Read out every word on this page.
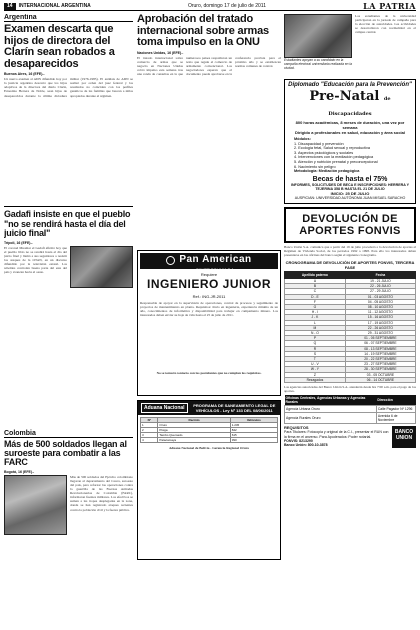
14	INTERNACIONAL ARGENTINA	Oruro, domingo 17 de julio de 2011	LA PATRIA
Argentina
Examen descarta que hijos de directora del Clarín sean robados a desaparecidos
Buenos Aires, 16 (EFE).-
Un nuevo examen al ADN difundido hoy por la justicia argentina descartó que los hijos adoptivos de la directora del diario Clarín, Ernestina Herrera de Noble, sean hijos de desaparecidos durante la última dictadura militar (1976-1983). El análisis de ADN se realizó por orden del juez federal y los resultados no coinciden con los perfiles genéticos de las familias que buscan a niños apropiados durante el régimen.
Gadafi insiste en que el pueblo "no se rendirá hasta el día del juicio final"
Trípoli, 16 (EFE).-
El coronel Muamar el Gadafi afirmó hoy que el pueblo libio no se rendirá hasta el día del juicio final y llamó a sus seguidores a resistir los ataques de la OTAN, en un discurso difundido por la televisión estatal. Los rebeldes controlan buena parte del este del país y avanzan hacia el oeste.
Colombia
Más de 500 soldados llegan al suroeste para combatir a las FARC
Bogotá, 16 (EFE).-
Más de 500 soldados del Ejército colombiano llegaron al departamento del Cauca, suroeste del país, para reforzar las operaciones contra la guerrilla de las Fuerzas Armadas Revolucionarias de Colombia (FARC), informaron fuentes militares. Los efectivos se suman a las tropas desplegadas en la zona, donde se han registrado ataques recientes contra la población civil y la fuerza pública.
Aprobación del tratado internacional sobre armas toma impulso en la ONU
Naciones Unidas, 16 (EFE).-
El tratado internacional sobre comercio de armas que se negocia en Naciones Unidas cobró impulso esta semana tras una ronda de consultas en la que numerosos países respaldaron un texto que regule el comercio de armamento convencional. Los negociadores esperan que el documento pueda aprobarse en la conferencia prevista para el próximo año y se establezcan normas comunes de control.
Pan American
SILVER BOLIVIA S.A.
Requiere
INGENIERO JUNIOR
Ref.: ING-JR-2011
Responsable de apoyar en la supervisión de operaciones, control de procesos y seguimiento de proyectos de mantenimiento en planta. Requisitos: título en ingeniería, experiencia mínima de un año, conocimientos de informática y disponibilidad para trabajar en campamento minero. Los interesados deben enviar su hoja de vida hasta el 25 de julio de 2011.
No se tomará contacto con los postulantes que no cumplan los requisitos.
Aduana Nacional	PROGRAMA DE SANEAMIENTO LEGAL DE VEHÍCULOS - Ley Nº 133 DEL 08/06/2011
Nº	Recinto	Vehículos
1	Oruro	1.245
2	Pisiga	842
3	Tambo Quemado	615
4	Patacamaya	390
Aduana Nacional de Bolivia - Gerencia Regional Oruro
Estudiantes apoyan a su candidato en la campaña electoral universitaria realizada en la ciudad.
Los estudiantes de la universidad participaron en la jornada de campaña para la elección de autoridades. Las actividades se desarrollaron con normalidad en el campus central.
Diplomado "Educación para la Prevención"
Pre-Natal de Discapacidades
800 horas académicas, 8 meses de duración, una vez por semana
Dirigido a profesionales en salud, educación y área social
Módulos:
1. Discapacidad y prevención
2. Ecología fetal, Salud sexual y reproductiva
3. Aspectos psicológicos y sociales
4. Intervenciones con la mediación pedagógica
5. Atención y nutrición prenatal y preconcepcional
6. Nacimiento sin peligro
Metodología: Mediación pedagógica
Becas de hasta el 75%
INFORMES, SOLICITUDES DE BECA E INSCRIPCIONES: HERRERA Y TEJERINA 358 B HASTA EL 21 DE JULIO
INICIO: 25 DE JULIO
AUSPICIAN: UNIVERSIDAD AUTÓNOMA JUAN MISAEL SARACHO
DEVOLUCIÓN DE APORTES FONVIS
Banco Unión S.A. comunica que a partir del 19 de julio procederá a la devolución de aportes al Régimen de Vivienda Social, de los períodos 1992 a 1998. Para ello los interesados deben presentarse en las oficinas del banco según el siguiente cronograma.
CRONOGRAMA DE DEVOLUCIÓN DE APORTES FONVIS, TERCERA FASE
Apellido paterno	Fecha
A	19 - 21 JULIO
B	22 - 26 JULIO
C	27 - 29 JULIO
D - E	01 - 03 AGOSTO
F	04 - 05 AGOSTO
G	08 - 10 AGOSTO
H - I	11 - 12 AGOSTO
J - K	15 - 16 AGOSTO
L	17 - 19 AGOSTO
M	22 - 26 AGOSTO
N - O	29 - 31 AGOSTO
P	01 - 05 SEPTIEMBRE
Q	06 - 07 SEPTIEMBRE
R	08 - 13 SEPTIEMBRE
S	14 - 19 SEPTIEMBRE
T	20 - 22 SEPTIEMBRE
U - V	23 - 27 SEPTIEMBRE
W - Y	28 - 30 SEPTIEMBRE
Z	03 - 05 OCTUBRE
Rezagados	06 - 14 OCTUBRE
Las agencias autorizadas del Banco Unión S.A. atenderán desde hrs 7:00 a.m. para el pago de los aportes.
Oficinas Centrales, Agencias Urbanas y Agencias Rurales	Dirección
Agencia Urbana Oruro	Calle Pagador Nº 1296
Agencia Rurales Oruro	Avenida 6 de Noviembre
REQUISITOS
Para Titulares: Fotocopia y original de la C.I., presentar el RUN con la firma en el anverso. Para Apoderados: Poder notarial.
FONVIS: 8213290
Banco Unión: 800-10-3878
BANCO UNION
